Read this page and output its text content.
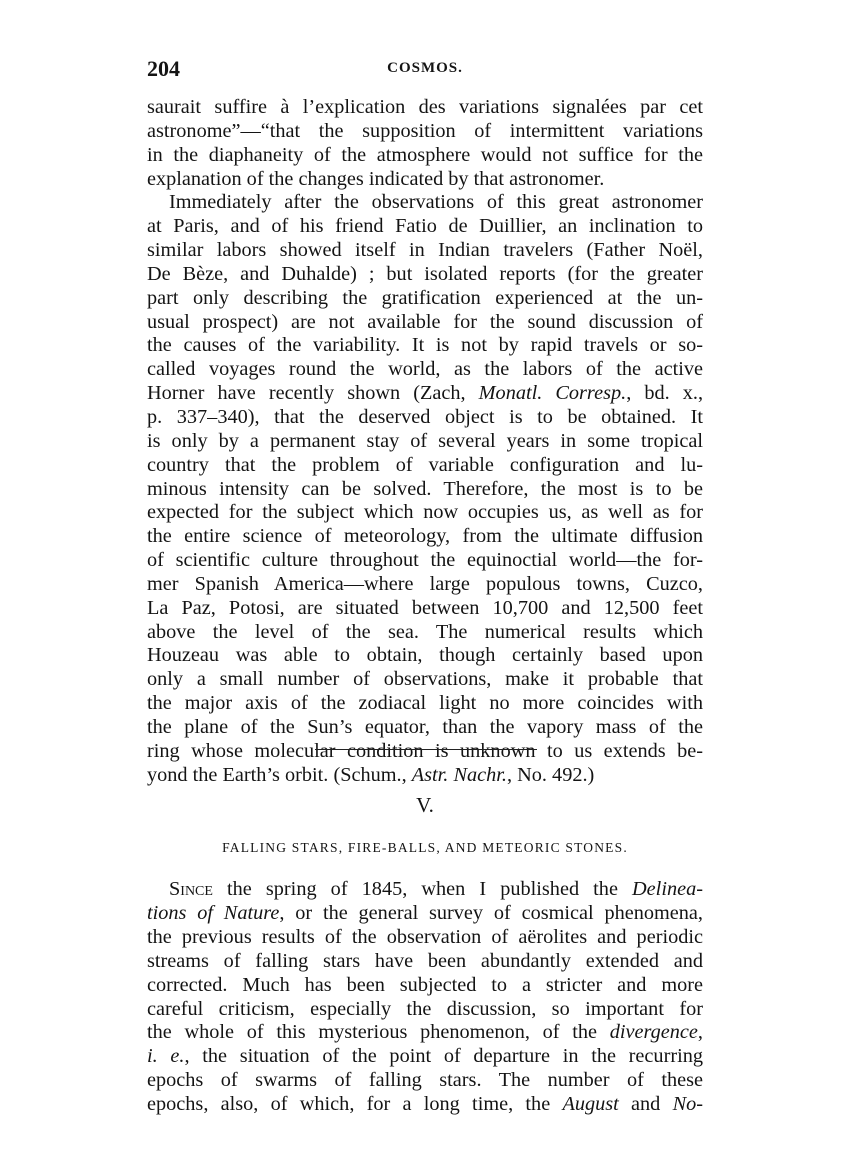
204	COSMOS.

saurait suffire à l’explication des variations signalées par cet
astronome”—“that the supposition of intermittent variations
in the diaphaneity of the atmosphere would not suffice for the
explanation of the changes indicated by that astronomer.

Immediately after the observations of this great astronomer
at Paris, and of his friend Fatio de Duillier, an inclination to
similar labors showed itself in Indian travelers (Father Noël,
De Bèze, and Duhalde) ; but isolated reports (for the greater
part only describing the gratification experienced at the un-
usual prospect) are not available for the sound discussion of
the causes of the variability. It is not by rapid travels or so-
called voyages round the world, as the labors of the active
Horner have recently shown (Zach, Monatl. Corresp., bd. x.,
p. 337–340), that the deserved object is to be obtained. It
is only by a permanent stay of several years in some tropical
country that the problem of variable configuration and lu-
minous intensity can be solved. Therefore, the most is to be
expected for the subject which now occupies us, as well as for
the entire science of meteorology, from the ultimate diffusion
of scientific culture throughout the equinoctial world—the for-
mer Spanish America—where large populous towns, Cuzco,
La Paz, Potosi, are situated between 10,700 and 12,500 feet
above the level of the sea. The numerical results which
Houzeau was able to obtain, though certainly based upon
only a small number of observations, make it probable that
the major axis of the zodiacal light no more coincides with
the plane of the Sun’s equator, than the vapory mass of the
ring whose molecular condition is unknown to us extends be-
yond the Earth’s orbit. (Schum., Astr. Nachr., No. 492.)

V.
FALLING STARS, FIRE-BALLS, AND METEORIC STONES.

Since the spring of 1845, when I published the Delinea-
tions of Nature, or the general survey of cosmical phenomena,
the previous results of the observation of aërolites and periodic
streams of falling stars have been abundantly extended and
corrected. Much has been subjected to a stricter and more
careful criticism, especially the discussion, so important for
the whole of this mysterious phenomenon, of the divergence,
i. e., the situation of the point of departure in the recurring
epochs of swarms of falling stars. The number of these
epochs, also, of which, for a long time, the August and No-
